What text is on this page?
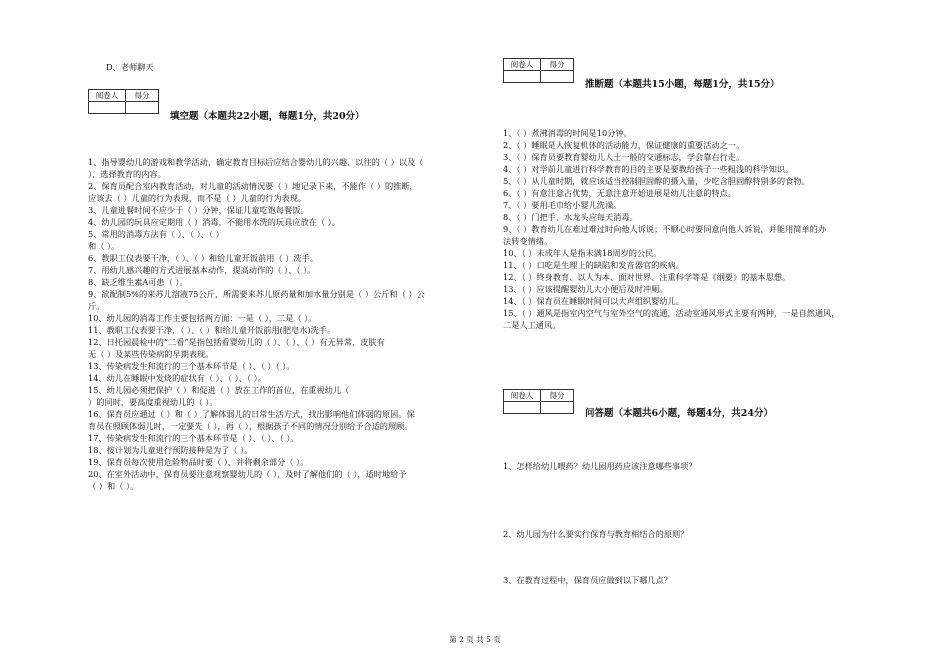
D、老师聊天
阅卷人	得分

填空题（本题共22小题，每题1分，共20分）
1、指导婴幼儿的游戏和教学活动，确定教育目标后应结合婴幼儿的兴趣、以往的（ ）以及（
），选择教育的内容。
2、保育员配合室内教育活动，对儿童的活动情况要（ ）地记录下来，不能作（ ）的推断，
应该去（ ）儿童的行为表现，而不是（ ）儿童的行为表现。
3、儿童进餐时间不应少于（ ）分钟，保证儿童吃饱每餐饭。
4、幼儿园的玩具应定期用（ ）消毒，不能用水洗的玩具应放在（ ）。
5、常用的消毒方法有（ ）、（ ）、（ ）
和（ ）。
6、教职工仪表要干净，（ ）、（ ）和给儿童开饭前用（ ）洗手。
7、用幼儿感兴趣的方式进展基本动作，提高动作的（ ）、（ ）。
8、缺乏维生素A可患（ ）。
9、欲配制5%的来苏儿溶液75公斤，所需要来苏儿原药量和加水量分别是（ ）公斤和（ ）公
斤。
10、幼儿园的消毒工作主要包括两方面：一是（ ），二是（ ）。
11、教职工仪表要干净，（ ）、（ ）和给儿童开饭前用(肥皂水)洗手。
12、日托园晨检中的“二看”是指包括看婴幼儿的（ ）、（ ）、（ ）有无异常，皮肤有
无（ ）及某些传染病的早期表现。
13、传染病发生和流行的三个基本环节是（ ）、（ ）（ ）。
14、幼儿在睡眠中发烧的症状有（ ）、（ ）、（ ）。
15、幼儿园必须把保护（ ）和促进（ ）放在工作的首位，在重视幼儿（
）的同时，要高度重视幼儿的（ ）。
16、保育员应通过（ ）和（ ）了解体弱儿的日常生活方式，找出影响他们体弱的原因。保
育员在照顾体弱儿时，一定要先（ ），再（ ），根据孩子不同的情况分别给予合适的照顾。
17、传染病发生和流行的三个基本环节是（ ）、（ ）、（ ）。
18、按计划为儿童进行预防接种是为了（ ）。
19、保育员每次使用危险物品时要（ ），并将剩余部分（ ）。
20、在室外活动中，保育员要注意观察婴幼儿的（ ），及时了解他们的（ ），适时地给予
（ ）和（ ）。
阅卷人	得分

推断题（本题共15小题，每题1分，共15分）
1、（ ）煮沸消毒的时间是10分钟。
2、（ ）睡眠是人恢复机体的活动能力，保证健康的重要活动之一。
3、（ ）保育员要教育婴幼儿人士一般的交通标志，学会靠右行走。
4、（ ）对学前儿童进行科学教育的目的主要是要教给孩子一些粗浅的科学知识。
5、（ ）从儿童时期，就应该适当控制胆固醇的摄入量，少吃含胆固醇特别多的食物。
6、（ ）有意注意占优势，无意注意开始进展是幼儿注意的特点。
7、（ ）要用毛巾给小婴儿洗澡。
8、（ ）门把手、水龙头应每天消毒。
9、（ ）教育幼儿在难过难过时向他人诉说；不顺心时要同意向他人诉说，并能用简单的办
法转变情绪。
10、（ ）未成年人是指未满18周岁的公民。
11、（ ）口吃是生理上的缺陷和发音器官的疾病。
12、（ ）终身教育、以人为本、面对世界、注重科学等是《纲要》的基本思想。
13、（ ）应该提醒婴幼儿大小便后及时冲厕。
14、（ ）保育员在睡眠时间可以大声组织婴幼儿。
15、（ ）通风是指室内空气与室外空气的流通，活动室通风形式主要有两种，一是自然通风，
二是人工通风。
阅卷人	得分

问答题（本题共6小题，每题4分，共24分）
1、怎样给幼儿喂药？幼儿园用药应该注意哪些事项？
2、幼儿园为什么要实行保育与教育相结合的原则？
3、在教育过程中，保育员应做到以下哪几点？
第 2 页 共 5 页
